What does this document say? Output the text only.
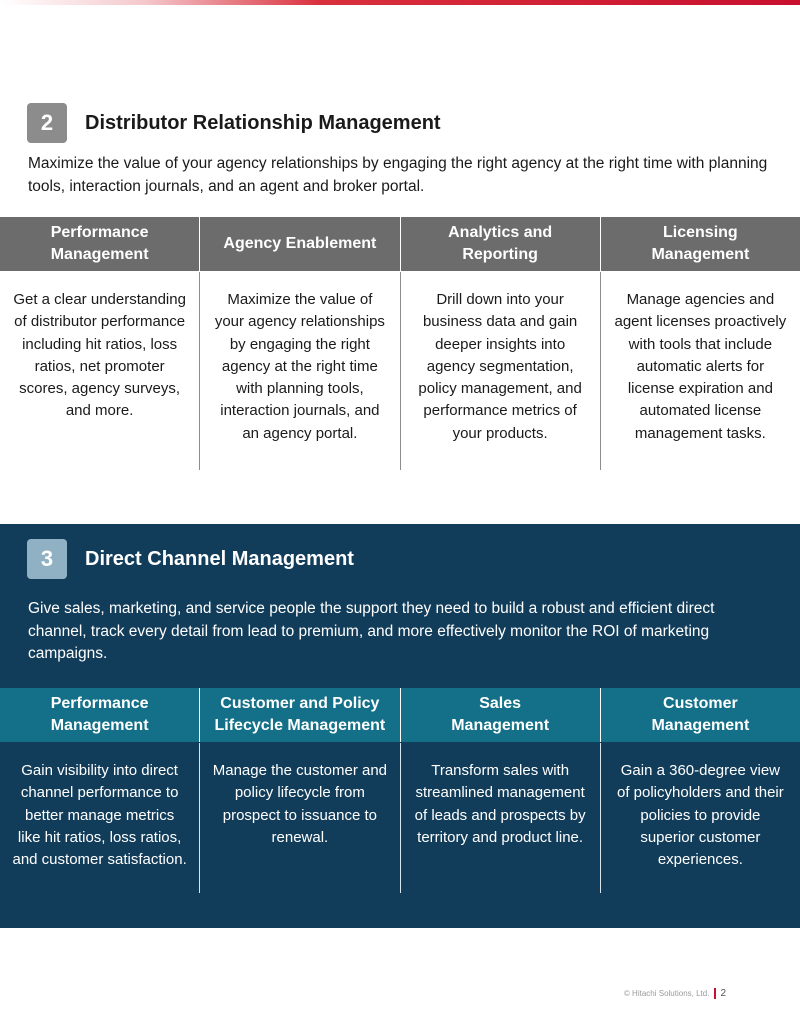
2	Distributor Relationship Management
Maximize the value of your agency relationships by engaging the right agency at the right time with planning tools, interaction journals, and an agent and broker portal.
Performance
Management
Agency Enablement
Analytics and
Reporting
Licensing
Management
Get a clear understanding of distributor performance including hit ratios, loss ratios, net promoter scores, agency surveys, and more.
Maximize the value of your agency relationships by engaging the right agency at the right time with planning tools, interaction journals, and an agency portal.
Drill down into your business data and gain deeper insights into agency segmentation, policy management, and performance metrics of your products.
Manage agencies and agent licenses proactively with tools that include automatic alerts for license expiration and automated license management tasks.
3	Direct Channel Management
Give sales, marketing, and service people the support they need to build a robust and efficient direct channel, track every detail from lead to premium, and more effectively monitor the ROI of marketing campaigns.
Performance
Management
Customer and Policy
Lifecycle Management
Sales
Management
Customer
Management
Gain visibility into direct channel performance to better manage metrics like hit ratios, loss ratios, and customer satisfaction.
Manage the customer and policy lifecycle from prospect to issuance to renewal.
Transform sales with streamlined management of leads and prospects by territory and product line.
Gain a 360-degree view of policyholders and their policies to provide superior customer experiences.
© Hitachi Solutions, Ltd. 2
